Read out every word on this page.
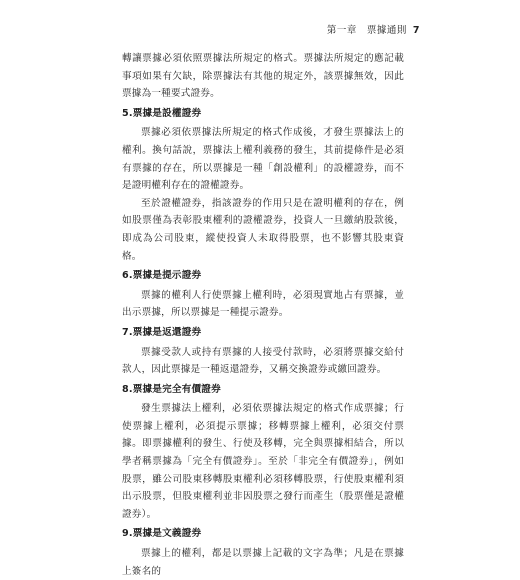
第一章　票據通則 7

轉讓票據必須依照票據法所規定的格式。票據法所規定的應記載事項如果有欠缺，除票據法有其他的規定外，該票據無效，因此票據為一種要式證券。

5.票據是設權證券

票據必須依票據法所規定的格式作成後，才發生票據法上的權利。換句話說，票據法上權利義務的發生，其前提條件是必須有票據的存在，所以票據是一種「創設權利」的設權證券，而不是證明權利存在的證權證券。

至於證權證券，指該證券的作用只是在證明權利的存在，例如股票僅為表彰股東權利的證權證券，投資人一旦繳納股款後，即成為公司股東，縱使投資人未取得股票，也不影響其股東資格。

6.票據是提示證券

票據的權利人行使票據上權利時，必須現實地占有票據，並出示票據，所以票據是一種提示證券。

7.票據是返還證券

票據受款人或持有票據的人接受付款時，必須將票據交給付款人，因此票據是一種返還證券，又稱交換證券或繳回證券。

8.票據是完全有價證券

發生票據法上權利，必須依票據法規定的格式作成票據；行使票據上權利，必須提示票據；移轉票據上權利，必須交付票據。即票據權利的發生、行使及移轉，完全與票據相結合，所以學者稱票據為「完全有價證券」。至於「非完全有價證券」，例如股票，雖公司股東移轉股東權利必須移轉股票，行使股東權利須出示股票，但股東權利並非因股票之發行而產生（股票僅是證權證券）。

9.票據是文義證券

票據上的權利，都是以票據上記載的文字為準；凡是在票據上簽名的
